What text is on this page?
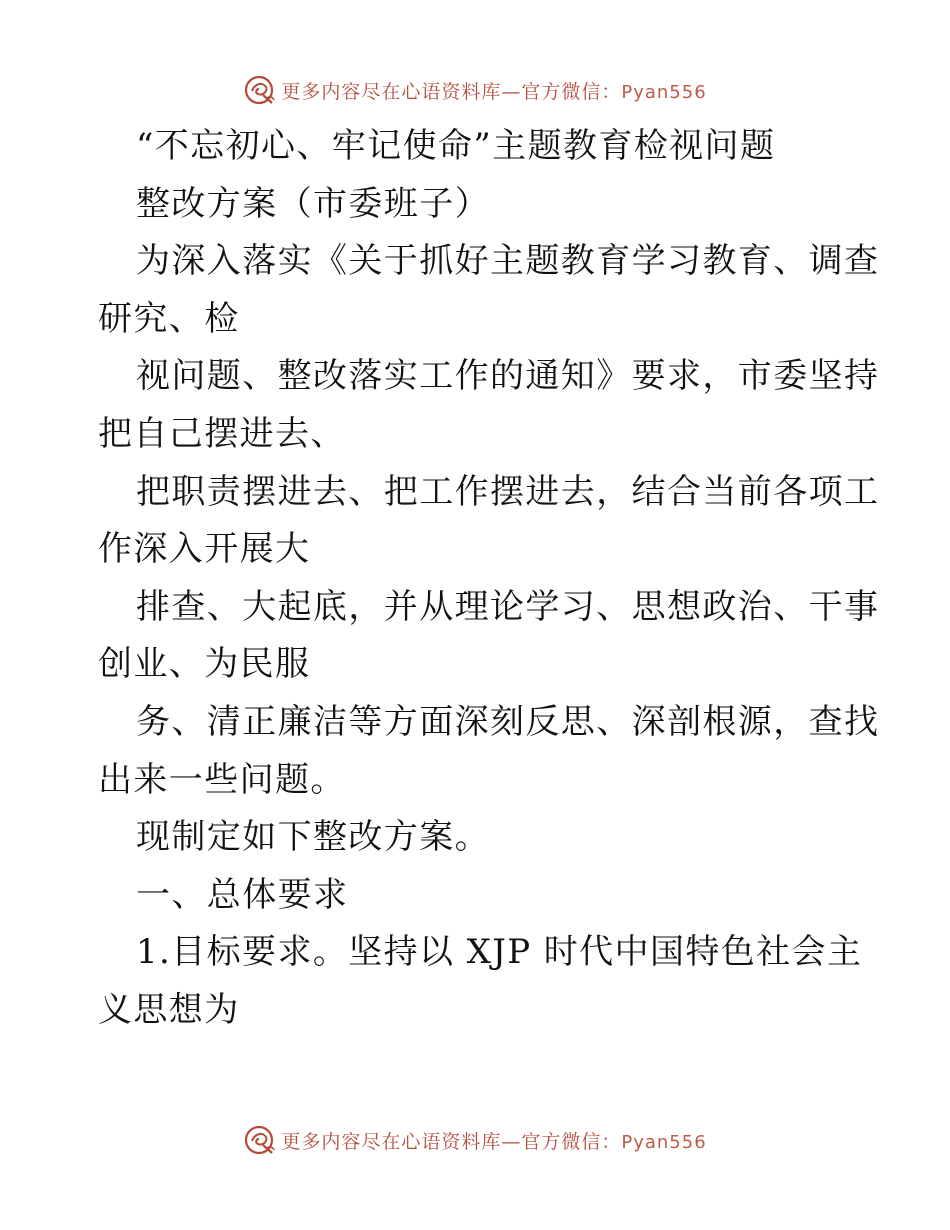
更多内容尽在心语资料库—官方微信：Pyan556
“不忘初心、牢记使命”主题教育检视问题
整改方案（市委班子）
为深入落实《关于抓好主题教育学习教育、调查
研究、检
视问题、整改落实工作的通知》要求，市委坚持
把自己摆进去、
把职责摆进去、把工作摆进去，结合当前各项工
作深入开展大
排查、大起底，并从理论学习、思想政治、干事
创业、为民服
务、清正廉洁等方面深刻反思、深剖根源，查找
出来一些问题。
现制定如下整改方案。
一、总体要求
1.目标要求。坚持以 XJP 时代中国特色社会主
义思想为
更多内容尽在心语资料库—官方微信：Pyan556
